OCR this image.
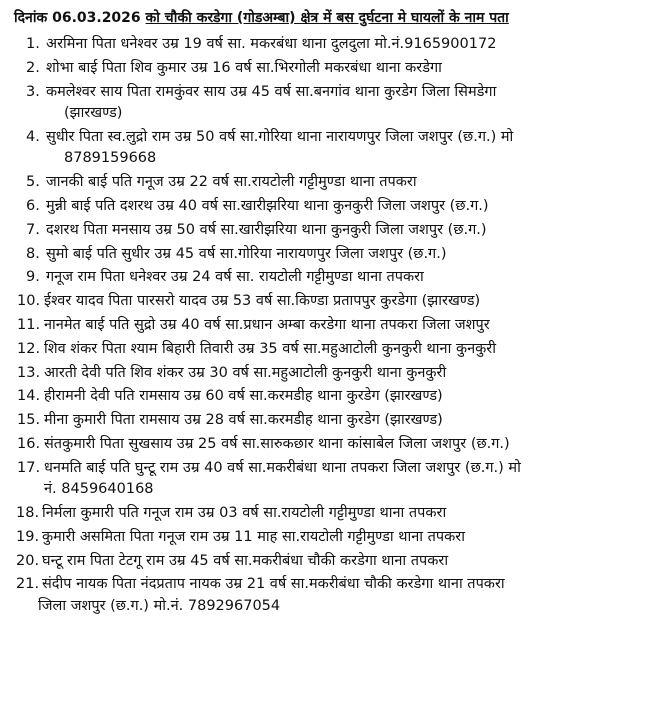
दिनांक 06.03.2026 को चौकी करडेगा (गोडअम्बा) क्षेत्र में बस दुर्घटना मे घायलों के नाम पता
1. अरमिना पिता धनेश्वर उम्र 19 वर्ष सा. मकरबंधा थाना दुलदुला मो.नं.9165900172
2. शोभा बाई पिता शिव कुमार उम्र 16 वर्ष सा.भिरगोली मकरबंधा थाना करडेगा
3. कमलेश्वर साय पिता रामकुंवर साय उम्र 45 वर्ष सा.बनगांव थाना कुरडेग जिला सिमडेगा
(झारखण्ड)
4. सुधीर पिता स्व.लुद्रो राम उम्र 50 वर्ष सा.गोरिया थाना नारायणपुर जिला जशपुर (छ.ग.) मो
8789159668
5. जानकी बाई पति गनूज उम्र 22 वर्ष सा.रायटोली गट्टीमुण्डा थाना तपकरा
6. मुन्नी बाई पति दशरथ उम्र 40 वर्ष सा.खारीझरिया थाना कुनकुरी जिला जशपुर (छ.ग.)
7. दशरथ पिता मनसाय उम्र 50 वर्ष सा.खारीझरिया थाना कुनकुरी जिला जशपुर (छ.ग.)
8. सुमो बाई पति सुधीर उम्र 45 वर्ष सा.गोरिया नारायणपुर जिला जशपुर (छ.ग.)
9. गनूज राम पिता धनेश्वर उम्र 24 वर्ष सा. रायटोली गट्टीमुण्डा थाना तपकरा
10. ईश्वर यादव पिता पारसरो यादव उम्र 53 वर्ष सा.किण्डा प्रतापपुर कुरडेगा (झारखण्ड)
11. नानमेत बाई पति सुद्रो उम्र 40 वर्ष सा.प्रधान अम्बा करडेगा थाना तपकरा जिला जशपुर
12. शिव शंकर पिता श्याम बिहारी तिवारी उम्र 35 वर्ष सा.महुआटोली कुनकुरी थाना कुनकुरी
13. आरती देवी पति शिव शंकर उम्र 30 वर्ष सा.महुआटोली कुनकुरी थाना कुनकुरी
14. हीरामनी देवी पति रामसाय उम्र 60 वर्ष सा.करमडीह थाना कुरडेग (झारखण्ड)
15. मीना कुमारी पिता रामसाय उम्र 28 वर्ष सा.करमडीह थाना कुरडेग (झारखण्ड)
16. संतकुमारी पिता सुखसाय उम्र 25 वर्ष सा.सारुकछार थाना कांसाबेल जिला जशपुर (छ.ग.)
17. धनमति बाई पति घुन्टू राम उम्र 40 वर्ष सा.मकरीबंधा थाना तपकरा जिला जशपुर (छ.ग.) मो
नं. 8459640168
18. निर्मला कुमारी पति गनूज राम उम्र 03 वर्ष सा.रायटोली गट्टीमुण्डा थाना तपकरा
19. कुमारी असमिता पिता गनूज राम उम्र 11 माह सा.रायटोली गट्टीमुण्डा थाना तपकरा
20. घन्टू राम पिता टेटगू राम उम्र 45 वर्ष सा.मकरीबंधा चौकी करडेगा थाना तपकरा
21. संदीप नायक पिता नंदप्रताप नायक उम्र 21 वर्ष सा.मकरीबंधा चौकी करडेगा थाना तपकरा
जिला जशपुर (छ.ग.) मो.नं. 7892967054
